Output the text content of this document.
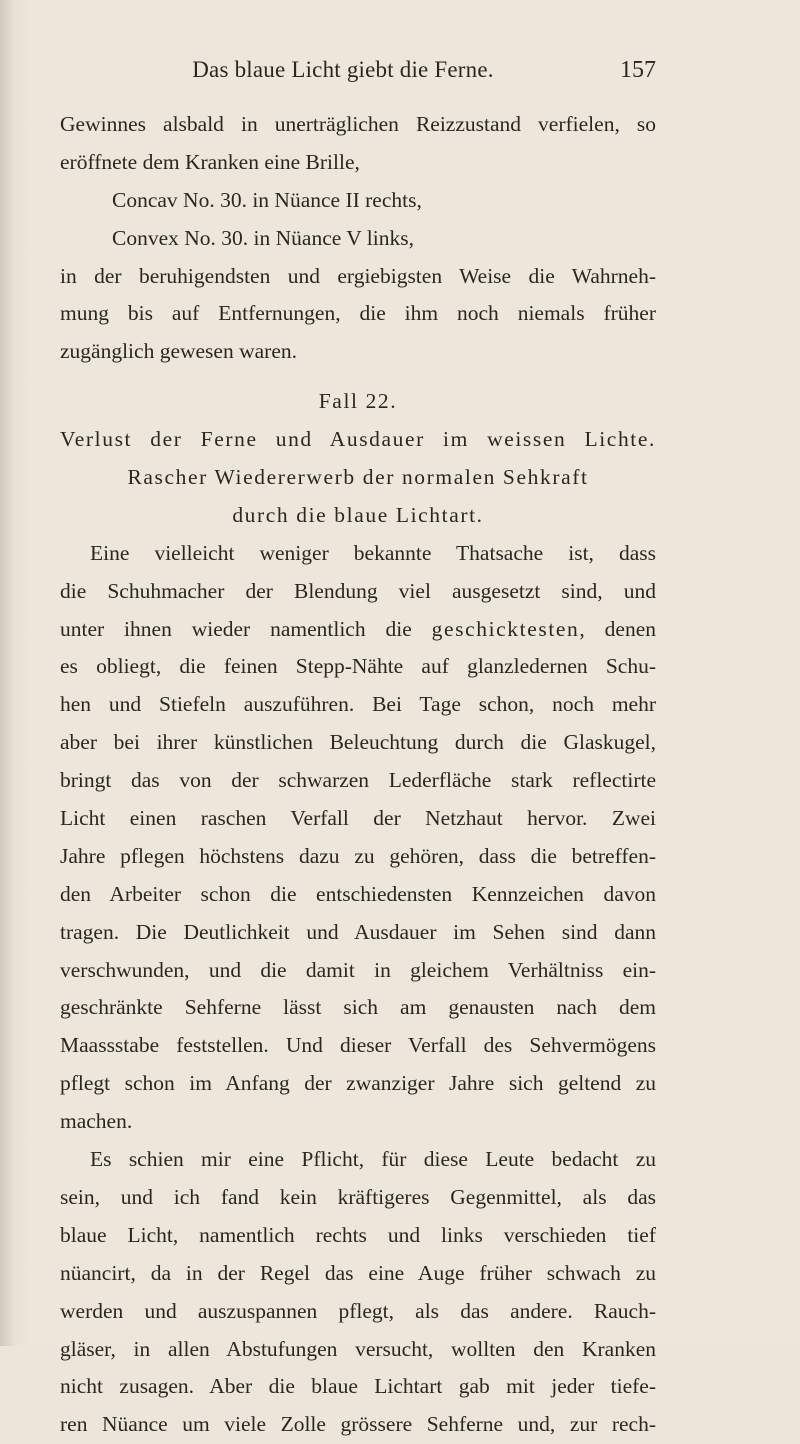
Das blaue Licht giebt die Ferne.	157
Gewinnes alsbald in unerträglichen Reizzustand verfielen, so
eröffnete dem Kranken eine Brille,
Concav No. 30. in Nüance II rechts,
Convex No. 30. in Nüance V links,
in der beruhigendsten und ergiebigsten Weise die Wahrneh-
mung bis auf Entfernungen, die ihm noch niemals früher
zugänglich gewesen waren.
Fall 22.
Verlust der Ferne und Ausdauer im weissen Lichte.
Rascher Wiedererwerb der normalen Sehkraft
durch die blaue Lichtart.
Eine vielleicht weniger bekannte Thatsache ist, dass
die Schuhmacher der Blendung viel ausgesetzt sind, und
unter ihnen wieder namentlich die geschicktesten, denen
es obliegt, die feinen Stepp-Nähte auf glanzledernen Schu-
hen und Stiefeln auszuführen. Bei Tage schon, noch mehr
aber bei ihrer künstlichen Beleuchtung durch die Glaskugel,
bringt das von der schwarzen Lederfläche stark reflectirte
Licht einen raschen Verfall der Netzhaut hervor. Zwei
Jahre pflegen höchstens dazu zu gehören, dass die betreffen-
den Arbeiter schon die entschiedensten Kennzeichen davon
tragen. Die Deutlichkeit und Ausdauer im Sehen sind dann
verschwunden, und die damit in gleichem Verhältniss ein-
geschränkte Sehferne lässt sich am genausten nach dem
Maassstabe feststellen. Und dieser Verfall des Sehvermögens
pflegt schon im Anfang der zwanziger Jahre sich geltend zu
machen.
Es schien mir eine Pflicht, für diese Leute bedacht zu
sein, und ich fand kein kräftigeres Gegenmittel, als das
blaue Licht, namentlich rechts und links verschieden tief
nüancirt, da in der Regel das eine Auge früher schwach zu
werden und auszuspannen pflegt, als das andere. Rauch-
gläser, in allen Abstufungen versucht, wollten den Kranken
nicht zusagen. Aber die blaue Lichtart gab mit jeder tiefe-
ren Nüance um viele Zolle grössere Sehferne und, zur rech-
